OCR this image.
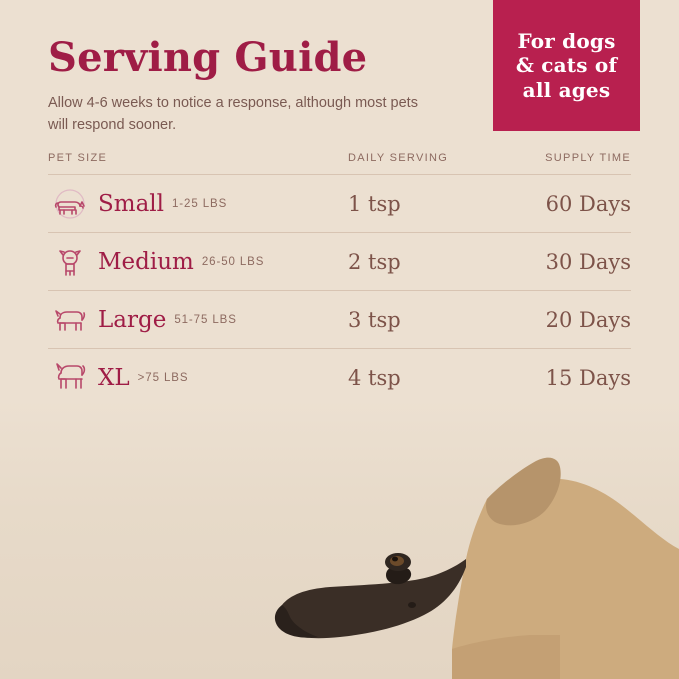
For dogs
& cats of
all ages
Serving Guide

Allow 4-6 weeks to notice a response, although most pets will respond sooner.

PET SIZE	DAILY SERVING	SUPPLY TIME
Small 1-25 LBS	1 tsp	60 Days
Medium 26-50 LBS	2 tsp	30 Days
Large 51-75 LBS	3 tsp	20 Days
XL >75 LBS	4 tsp	15 Days
